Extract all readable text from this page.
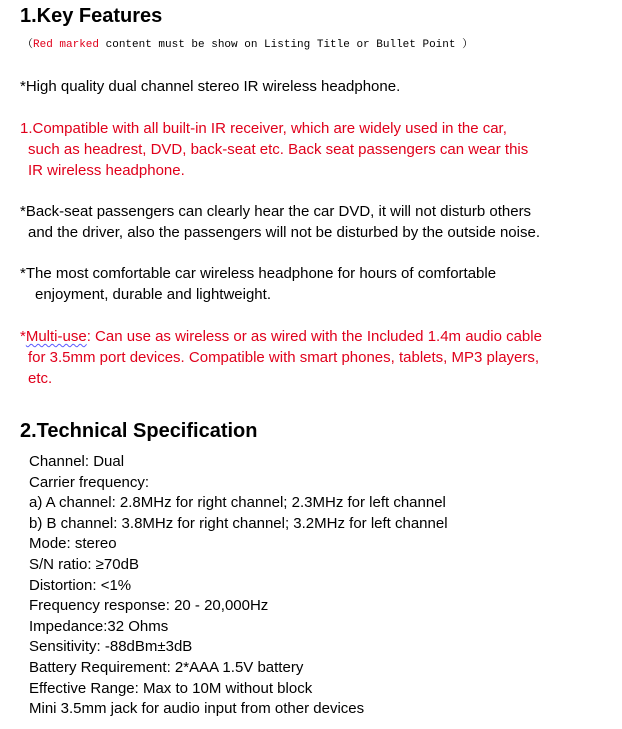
1.Key Features
（Red marked content must be show on Listing Title or Bullet Point ）
*High quality dual channel stereo IR wireless headphone.
1.Compatible with all built-in IR receiver, which are widely used in the car,
such as headrest, DVD, back-seat etc. Back seat passengers can wear this
IR wireless headphone.
*Back-seat passengers can clearly hear the car DVD, it will not disturb others
and the driver, also the passengers will not be disturbed by the outside noise.
*The most comfortable car wireless headphone for hours of comfortable
enjoyment, durable and lightweight.
*Multi-use: Can use as wireless or as wired with the Included 1.4m audio cable
for 3.5mm port devices. Compatible with smart phones, tablets, MP3 players,
etc.
2.Technical Specification
Channel: Dual
Carrier frequency:
a) A channel: 2.8MHz for right channel; 2.3MHz for left channel
b) B channel: 3.8MHz for right channel; 3.2MHz for left channel
Mode: stereo
S/N ratio: ≥70dB
Distortion: <1%
Frequency response: 20 - 20,000Hz
Impedance:32 Ohms
Sensitivity: -88dBm±3dB
Battery Requirement: 2*AAA 1.5V battery
Effective Range: Max to 10M without block
Mini 3.5mm jack for audio input from other devices
